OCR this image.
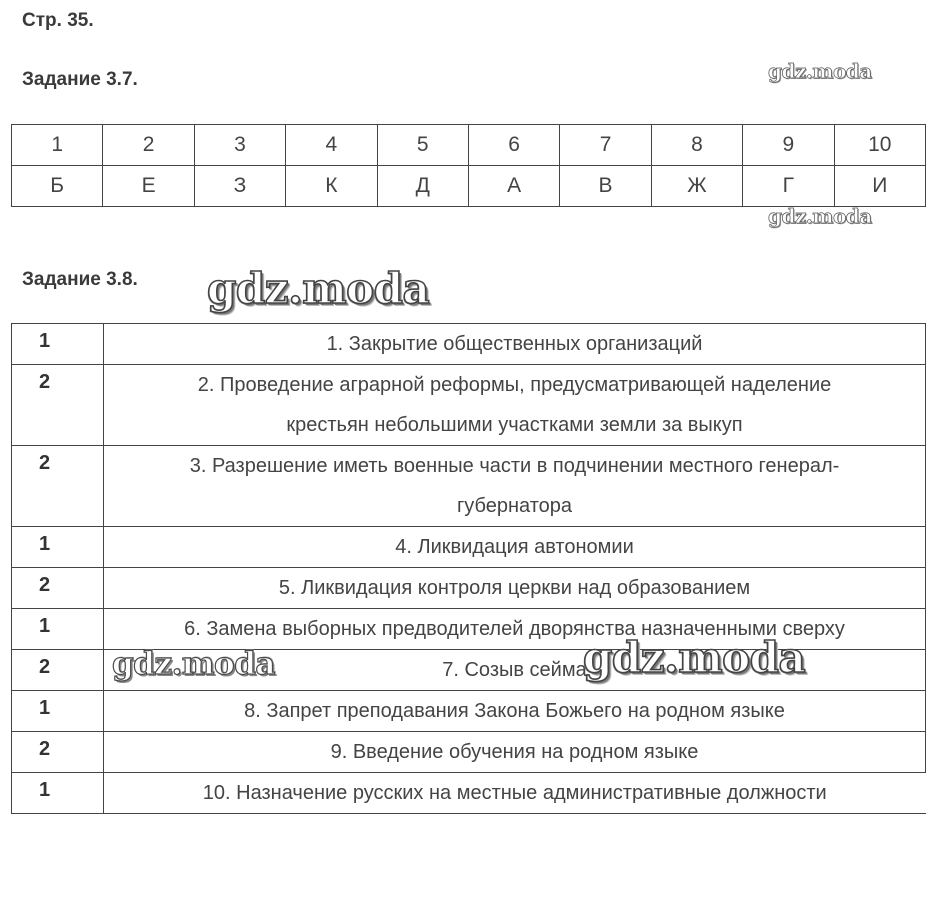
Стр. 35.
Задание 3.7.
1	2	3	4	5	6	7	8	9	10
Б	Е	З	К	Д	А	В	Ж	Г	И
Задание 3.8.
1	1. Закрытие общественных организаций
2	2. Проведение аграрной реформы, предусматривающей наделение крестьян небольшими участками земли за выкуп
2	3. Разрешение иметь военные части в подчинении местного генерал-губернатора
1	4. Ликвидация автономии
2	5. Ликвидация контроля церкви над образованием
1	6. Замена выборных предводителей дворянства назначенными сверху
2	7. Созыв сейма
1	8. Запрет преподавания Закона Божьего на родном языке
2	9. Введение обучения на родном языке
1	10. Назначение русских на местные административные должности
gdz.moda
gdz.moda
gdz.moda
gdz.moda	gdz.moda
